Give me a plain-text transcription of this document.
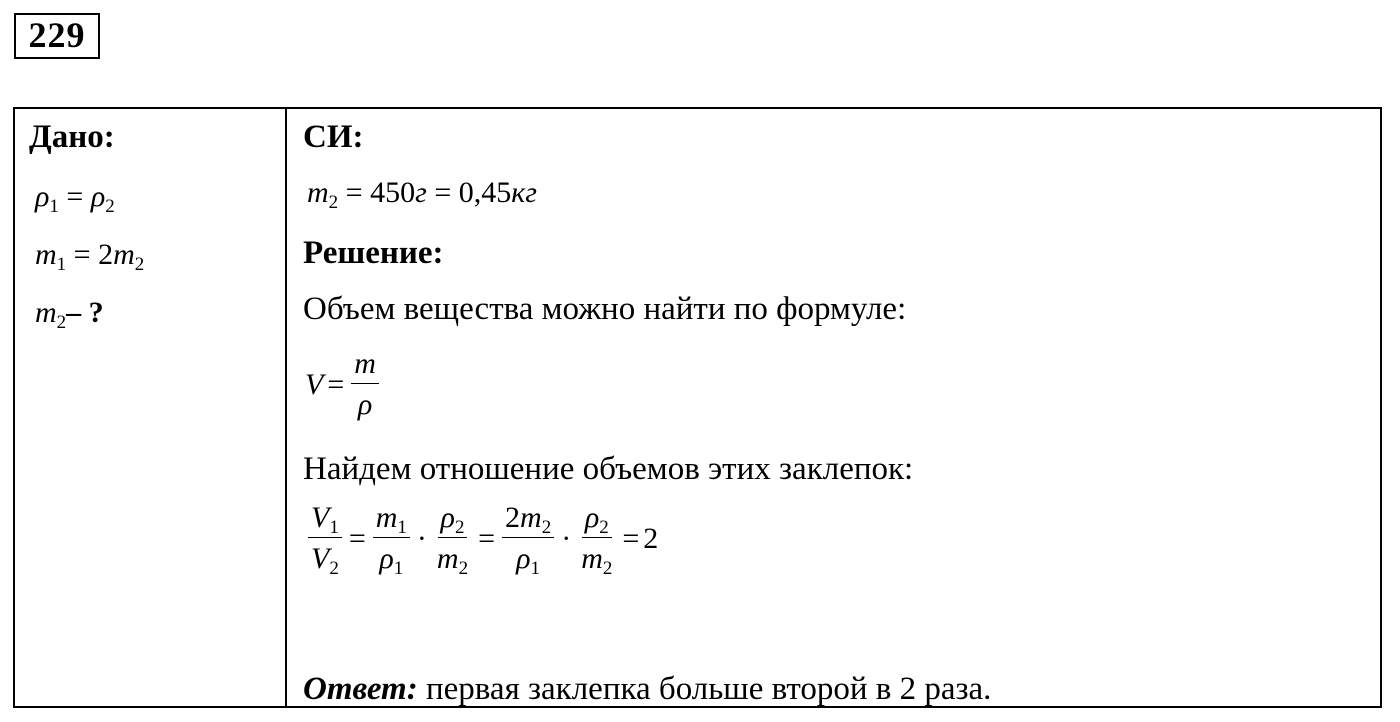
229
Дано:
$\rho_1 = \rho_2$
$m_1 = 2m_2$
$m_2-$ ?
СИ:
$m_2 = 450г = 0,45кг$
Решение:
Объем вещества можно найти по формуле:
$V = \frac{m}{\rho}$
Найдем отношение объемов этих заклепок:
$\frac{V_1}{V_2} = \frac{m_1}{\rho_1} \cdot \frac{\rho_2}{m_2} = \frac{2m_2}{\rho_1} \cdot \frac{\rho_2}{m_2} = 2$
Ответ: первая заклепка больше второй в 2 раза.
